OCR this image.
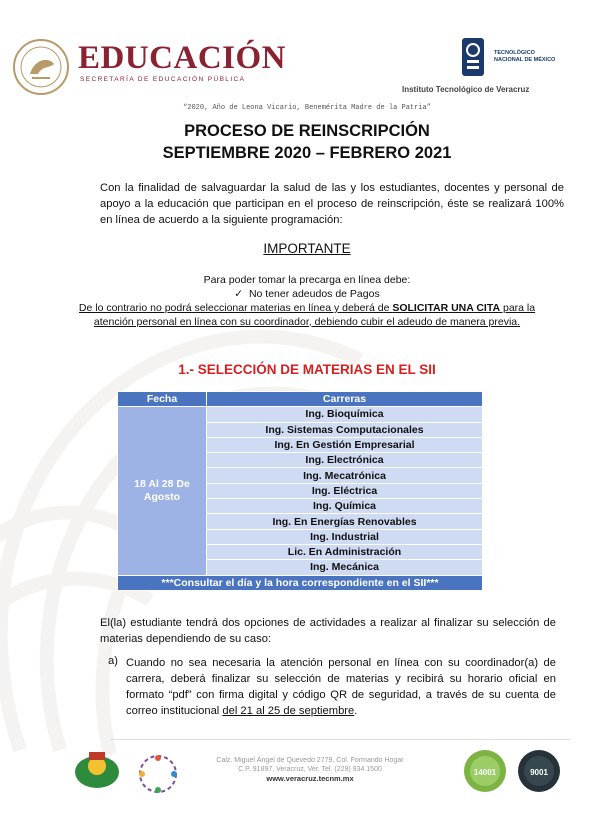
EDUCACIÓN
SECRETARÍA DE EDUCACIÓN PÚBLICA
TECNOLÓGICO
NACIONAL DE MÉXICO
Instituto Tecnológico de Veracruz
“2020, Año de Leona Vicario, Benemérita Madre de la Patria”
PROCESO DE REINSCRIPCIÓN
SEPTIEMBRE 2020 – FEBRERO 2021
Con la finalidad de salvaguardar la salud de las y los estudiantes, docentes y personal de apoyo a la educación que participan en el proceso de reinscripción, éste se realizará 100% en línea de acuerdo a la siguiente programación:
IMPORTANTE
Para poder tomar la precarga en línea debe:
✓ No tener adeudos de Pagos
De lo contrario no podrá seleccionar materias en línea y deberá de SOLICITAR UNA CITA para la atención personal en línea con su coordinador, debiendo cubir el adeudo de manera previa.
1.- SELECCIÓN DE MATERIAS EN EL SII
Fecha	Carreras
18 Al 28 De Agosto	Ing. Bioquímica
	Ing. Sistemas Computacionales
	Ing. En Gestión Empresarial
	Ing. Electrónica
	Ing. Mecatrónica
	Ing. Eléctrica
	Ing. Química
	Ing. En Energías Renovables
	Ing. Industrial
	Lic. En Administración
	Ing. Mecánica
***Consultar el día y la hora correspondiente en el SII***	
El(la) estudiante tendrá dos opciones de actividades a realizar al finalizar su selección de materias dependiendo de su caso:
a) Cuando no sea necesaria la atención personal en línea con su coordinador(a) de carrera, deberá finalizar su selección de materias y recibirá su horario oficial en formato “pdf” con firma digital y código QR de seguridad, a través de su cuenta de correo institucional del 21 al 25 de septiembre.
Calz. Miguel Ángel de Quevedo 2779, Col. Formando Hogar
C.P. 91897, Veracruz, Ver. Tel. (229) 934 1500
www.veracruz.tecnm.mx
14001	9001
